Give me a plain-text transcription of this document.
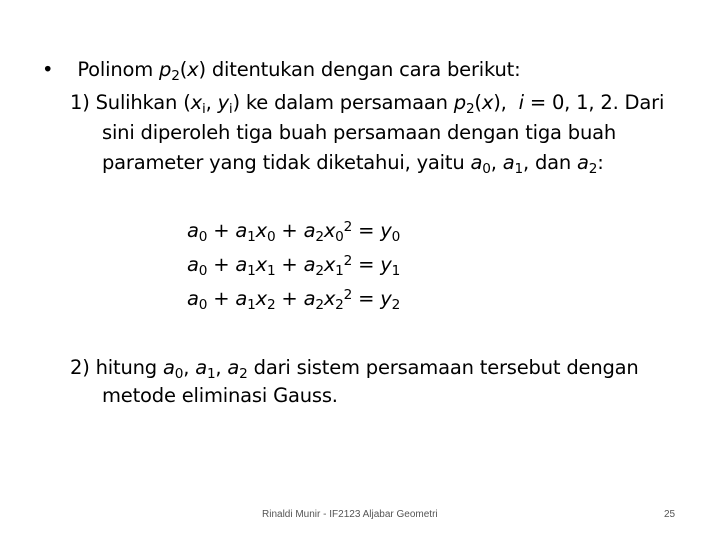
• Polinom $p_2(x)$ ditentukan dengan cara berikut:
1) Sulihkan ($x_i$, $y_i$) ke dalam persamaan $p_2(x)$,  i = 0, 1, 2. Dari
sini diperoleh tiga buah persamaan dengan tiga buah
parameter yang tidak diketahui, yaitu $a_0$, $a_1$, dan $a_2$:
$a_0 + a_1x_0 + a_2x_0^2 = y_0$
$a_0 + a_1x_1 + a_2x_1^2 = y_1$
$a_0 + a_1x_2 + a_2x_2^2 = y_2$
2) hitung $a_0$, $a_1$, $a_2$ dari sistem persamaan tersebut dengan
metode eliminasi Gauss.
Rinaldi Munir - IF2123 Aljabar Geometri	25
